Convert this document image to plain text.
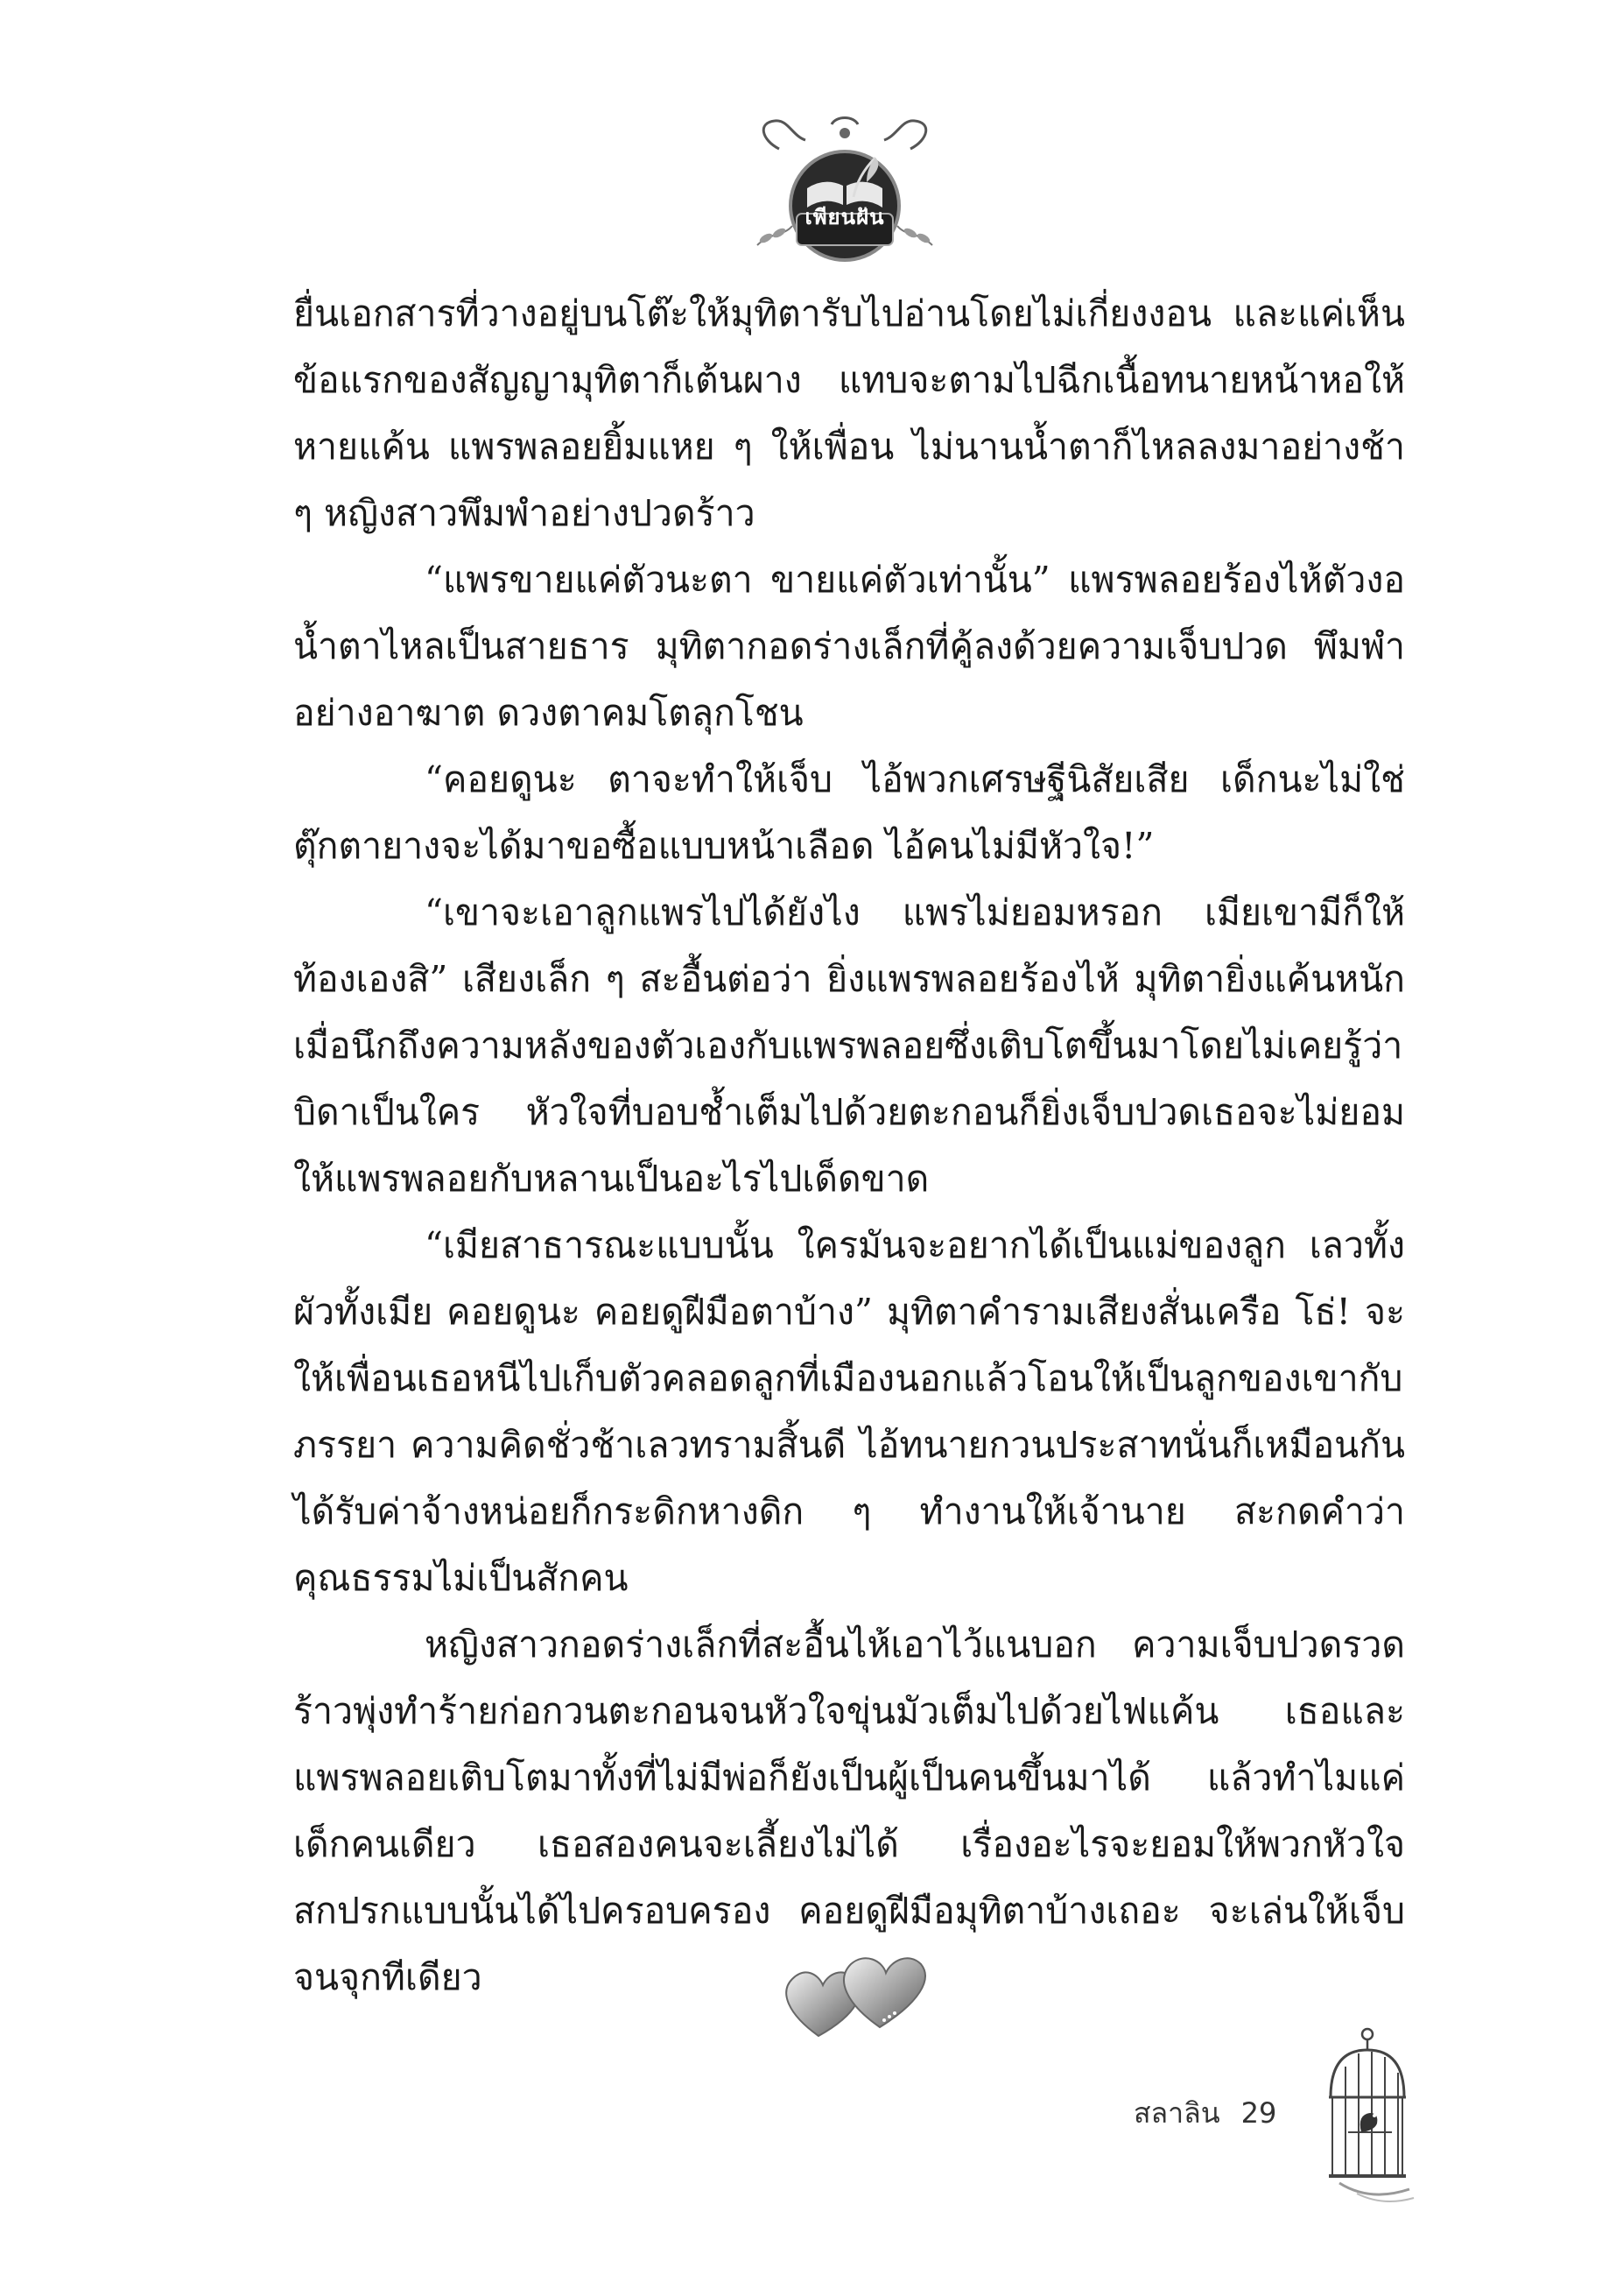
เพียนฝัน

ยื่นเอกสารที่วางอยู่บนโต๊ะให้มุทิตารับไปอ่านโดยไม่เกี่ยงงอน และแค่เห็นข้อแรกของสัญญามุทิตาก็เต้นผาง แทบจะตามไปฉีกเนื้อทนายหน้าหอให้หายแค้น แพรพลอยยิ้มแหย ๆ ให้เพื่อน ไม่นานน้ำตาก็ไหลลงมาอย่างช้า ๆ หญิงสาวพึมพำอย่างปวดร้าว

“แพรขายแค่ตัวนะตา ขายแค่ตัวเท่านั้น” แพรพลอยร้องไห้ตัวงอ น้ำตาไหลเป็นสายธาร มุทิตากอดร่างเล็กที่คู้ลงด้วยความเจ็บปวด พึมพำอย่างอาฆาต ดวงตาคมโตลุกโชน

“คอยดูนะ ตาจะทำให้เจ็บ ไอ้พวกเศรษฐีนิสัยเสีย เด็กนะไม่ใช่ตุ๊กตายางจะได้มาขอซื้อแบบหน้าเลือด ไอ้คนไม่มีหัวใจ!”

“เขาจะเอาลูกแพรไปได้ยังไง แพรไม่ยอมหรอก เมียเขามีก็ให้ท้องเองสิ” เสียงเล็ก ๆ สะอื้นต่อว่า ยิ่งแพรพลอยร้องไห้ มุทิตายิ่งแค้นหนัก เมื่อนึกถึงความหลังของตัวเองกับแพรพลอยซึ่งเติบโตขึ้นมาโดยไม่เคยรู้ว่าบิดาเป็นใคร หัวใจที่บอบช้ำเต็มไปด้วยตะกอนก็ยิ่งเจ็บปวดเธอจะไม่ยอมให้แพรพลอยกับหลานเป็นอะไรไปเด็ดขาด

“เมียสาธารณะแบบนั้น ใครมันจะอยากได้เป็นแม่ของลูก เลวทั้งผัวทั้งเมีย คอยดูนะ คอยดูฝีมือตาบ้าง” มุทิตาคำรามเสียงสั่นเครือ โธ่! จะให้เพื่อนเธอหนีไปเก็บตัวคลอดลูกที่เมืองนอกแล้วโอนให้เป็นลูกของเขากับภรรยา ความคิดชั่วช้าเลวทรามสิ้นดี ไอ้ทนายกวนประสาทนั่นก็เหมือนกัน ได้รับค่าจ้างหน่อยก็กระดิกหางดิก ๆ ทำงานให้เจ้านาย สะกดคำว่าคุณธรรมไม่เป็นสักคน

หญิงสาวกอดร่างเล็กที่สะอื้นไห้เอาไว้แนบอก ความเจ็บปวดรวดร้าวพุ่งทำร้ายก่อกวนตะกอนจนหัวใจขุ่นมัวเต็มไปด้วยไฟแค้น เธอและแพรพลอยเติบโตมาทั้งที่ไม่มีพ่อก็ยังเป็นผู้เป็นคนขึ้นมาได้ แล้วทำไมแค่เด็กคนเดียว เธอสองคนจะเลี้ยงไม่ได้ เรื่องอะไรจะยอมให้พวกหัวใจสกปรกแบบนั้นได้ไปครอบครอง คอยดูฝีมือมุทิตาบ้างเถอะ จะเล่นให้เจ็บจนจุกทีเดียว

สลาลิน 29
